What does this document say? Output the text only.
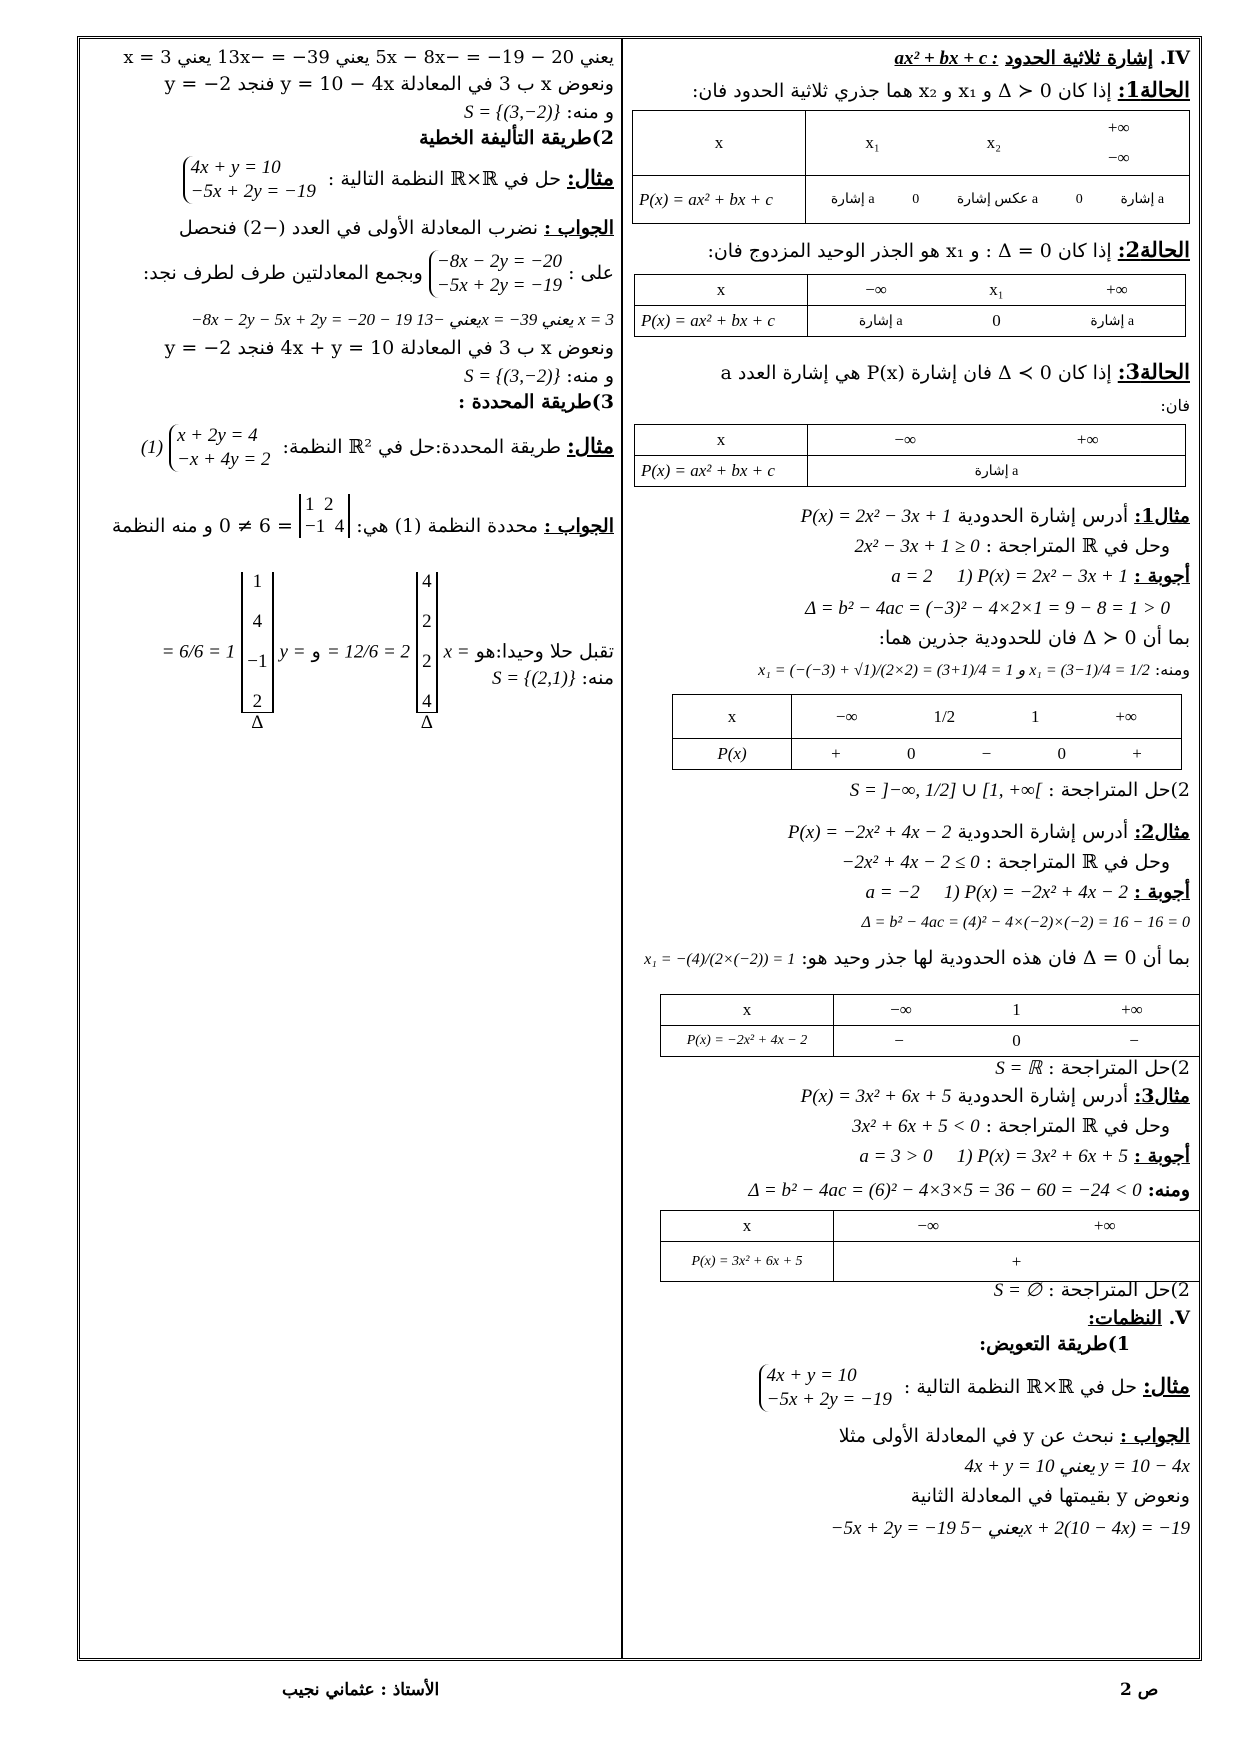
IV. إشارة ثلاثية الحدود ax² + bx + c :
الحالة1: إذا كان Δ ≻ 0 و x₁ و x₂ هما جذري ثلاثية الحدود فان:
x	x₁ x₂
+∞
−∞

P(x) = ax² + bx + c	إشارة a 0 عكس إشارة a 0 إشارة a
الحالة2: إذا كان Δ = 0 : و x₁ هو الجذر الوحيد المزدوج فان:
x	−∞ x₁ +∞

P(x) = ax² + bx + c	إشارة a 0 إشارة a
الحالة3: إذا كان Δ ≺ 0 فان إشارة P(x) هي إشارة العدد a
فان:
x	−∞ +∞

P(x) = ax² + bx + c	إشارة a
مثال1: أدرس إشارة الحدودية P(x) = 2x² − 3x + 1
وحل في ℝ المتراجحة : 2x² − 3x + 1 ≥ 0
أجوبة : 1) P(x) = 2x² − 3x + 1    a = 2
Δ = b² − 4ac = (−3)² − 4×2×1 = 9 − 8 = 1 > 0
بما أن Δ ≻ 0 فان للحدودية جذرين هما:
ومنه: x₁ = (−(−3) + √1)/(2×2) = (3+1)/4 = 1 و x₁ = (3−1)/4 = 1/2
x	−∞ 1/2 1 +∞

P(x)	+ 0 − 0 +
2)حل المتراجحة : S = ]−∞, 1/2] ∪ [1, +∞[
مثال2: أدرس إشارة الحدودية P(x) = −2x² + 4x − 2
وحل في ℝ المتراجحة : −2x² + 4x − 2 ≤ 0
أجوبة : 1) P(x) = −2x² + 4x − 2    a = −2
Δ = b² − 4ac = (4)² − 4×(−2)×(−2) = 16 − 16 = 0
بما أن Δ = 0 فان هذه الحدودية لها جذر وحيد هو: x₁ = −(4)/(2×(−2)) = 1
x	−∞ 1 +∞

P(x) = −2x² + 4x − 2	− 0 −
2)حل المتراجحة : S = ℝ
مثال3: أدرس إشارة الحدودية P(x) = 3x² + 6x + 5
وحل في ℝ المتراجحة : 3x² + 6x + 5 < 0
أجوبة : 1) P(x) = 3x² + 6x + 5    a = 3 > 0
ومنه: Δ = b² − 4ac = (6)² − 4×3×5 = 36 − 60 = −24 < 0
x	−∞ +∞

P(x) = 3x² + 6x + 5	+
2)حل المتراجحة : S = ∅
V. النظمات:
1)طريقة التعويض:
مثال: حل في ℝ×ℝ النظمة التالية :  4x + y = 10
−5x + 2y = −19
الجواب : نبحث عن y في المعادلة الأولى مثلا
4x + y = 10 يعني y = 10 − 4x
ونعوض y بقيمتها في المعادلة الثانية
−5x + 2y = −19 يعني −5x + 2(10 − 4x) = −19
يعني 20 − 19− = −5x − 8x يعني 39− = −13x يعني x = 3
ونعوض x ب 3 في المعادلة y = 10 − 4x فنجد y = −2
و منه: S = {(3,−2)}
2)طريقة التأليفة الخطية
مثال: حل في ℝ×ℝ النظمة التالية :  4x + y = 10
−5x + 2y = −19
الجواب : نضرب المعادلة الأولى في العدد (−2) فنحصل
على : −8x − 2y = −20
−5x + 2y = −19 وبجمع المعادلتين طرف لطرف نجد:
−8x − 2y − 5x + 2y = −20 − 19 يعني −13x = −39 يعني x = 3
ونعوض x ب 3 في المعادلة 4x + y = 10 فنجد y = −2
و منه: S = {(3,−2)}
3)طريقة المحددة :
مثال: طريقة المحددة:حل في ℝ² النظمة:  x + 2y = 4
−x + 4y = 2 (1)
الجواب : محددة النظمة (1) هي: 1 2
−1 4 = 6 ≠ 0 و منه النظمة
تقبل حلا وحيدا:هو x =
4

2

2

4
Δ
= 12/6 = 2 و y =
1

4

−1

2
Δ
= 6/6 = 1
منه: S = {(2,1)}
ص 2
الأستاذ : عثماني نجيب
